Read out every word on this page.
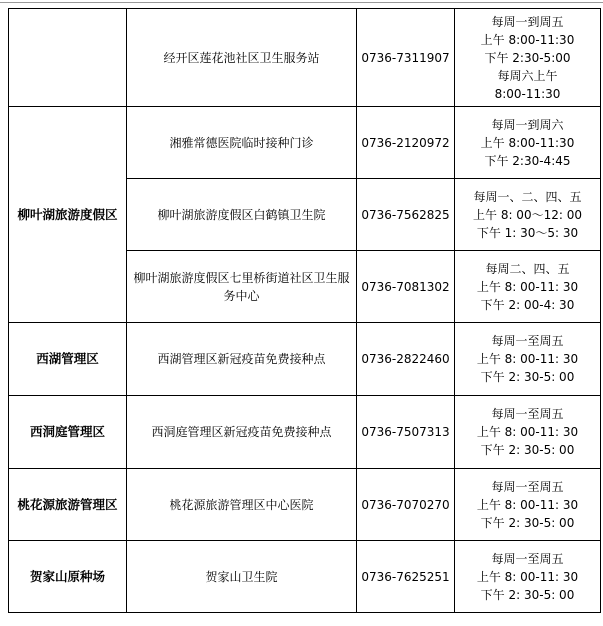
	经开区莲花池社区卫生服务站	0736-7311907	每周一到周五
上午 8:00-11:30
下午 2:30-5:00
每周六上午
8:00-11:30

柳叶湖旅游度假区	湘雅常德医院临时接种门诊	0736-2120972	每周一到周六
上午 8:00-11:30
下午 2:30-4:45

	柳叶湖旅游度假区白鹤镇卫生院	0736-7562825	每周一、二、四、五
上午 8: 00～12: 00
下午 1: 30～5: 30

	柳叶湖旅游度假区七里桥街道社区卫生服务中心	0736-7081302	每周二、四、五
上午 8: 00-11: 30
下午 2: 00-4: 30

西湖管理区	西湖管理区新冠疫苗免费接种点	0736-2822460	每周一至周五
上午 8: 00-11: 30
下午 2: 30-5: 00

西洞庭管理区	西洞庭管理区新冠疫苗免费接种点	0736-7507313	每周一至周五
上午 8: 00-11: 30
下午 2: 30-5: 00

桃花源旅游管理区	桃花源旅游管理区中心医院	0736-7070270	每周一至周五
上午 8: 00-11: 30
下午 2: 30-5: 00

贺家山原种场	贺家山卫生院	0736-7625251	每周一至周五
上午 8: 00-11: 30
下午 2: 30-5: 00
